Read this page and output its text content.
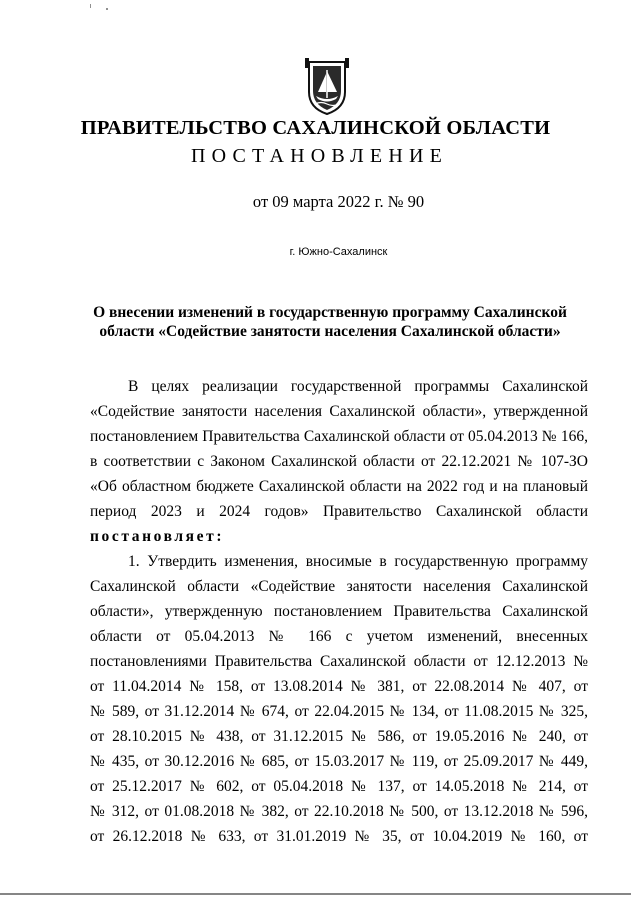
ПРАВИТЕЛЬСТВО САХАЛИНСКОЙ ОБЛАСТИ
ПОСТАНОВЛЕНИЕ
от 09 марта 2022 г. № 90
г. Южно-Сахалинск
О внесении изменений в государственную программу Сахалинской
области «Содействие занятости населения Сахалинской области»
В целях реализации государственной программы Сахалинской
«Содействие занятости населения Сахалинской области», утвержденной
постановлением Правительства Сахалинской области от 05.04.2013 № 166,
в соответствии с Законом Сахалинской области от 22.12.2021 № 107-ЗО
«Об областном бюджете Сахалинской области на 2022 год и на плановый
период 2023 и 2024 годов» Правительство Сахалинской области
постановляет:
1. Утвердить изменения, вносимые в государственную программу
Сахалинской области «Содействие занятости населения Сахалинской
области», утвержденную постановлением Правительства Сахалинской
области от 05.04.2013 № 166 с учетом изменений, внесенных
постановлениями Правительства Сахалинской области от 12.12.2013 №
от 11.04.2014 № 158, от 13.08.2014 № 381, от 22.08.2014 № 407, от
№ 589, от 31.12.2014 № 674, от 22.04.2015 № 134, от 11.08.2015 № 325,
от 28.10.2015 № 438, от 31.12.2015 № 586, от 19.05.2016 № 240, от
№ 435, от 30.12.2016 № 685, от 15.03.2017 № 119, от 25.09.2017 № 449,
от 25.12.2017 № 602, от 05.04.2018 № 137, от 14.05.2018 № 214, от
№ 312, от 01.08.2018 № 382, от 22.10.2018 № 500, от 13.12.2018 № 596,
от 26.12.2018 № 633, от 31.01.2019 № 35, от 10.04.2019 № 160, от
